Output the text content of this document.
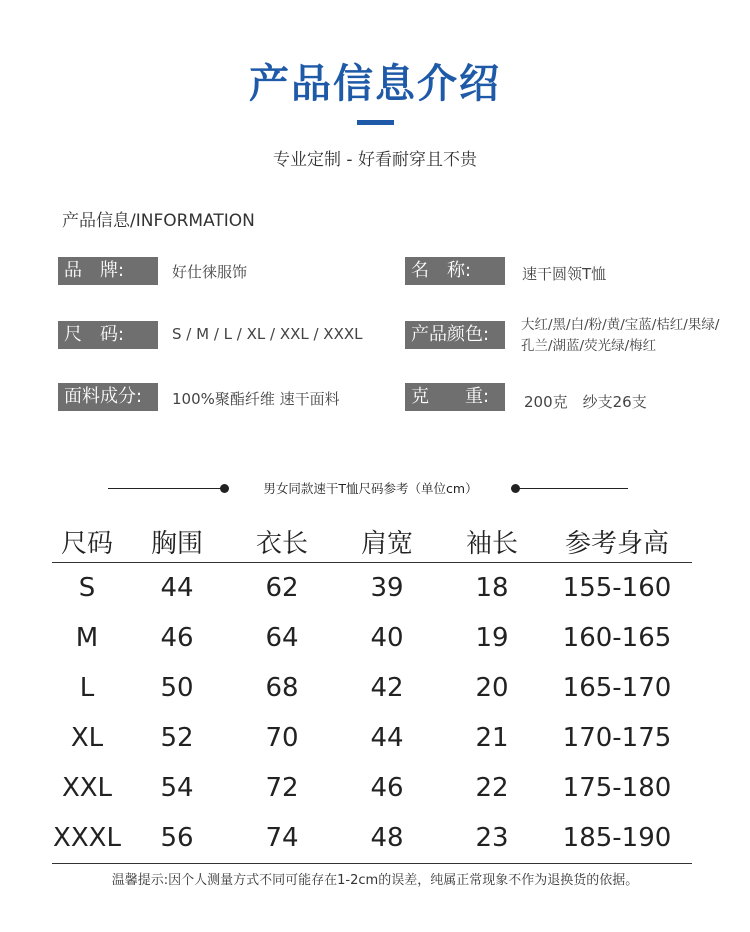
产品信息介绍
专业定制 - 好看耐穿且不贵
产品信息/INFORMATION
品　牌:	好仕徕服饰	名　称:	速干圆领T恤
尺　码:	S / M / L / XL / XXL / XXXL	产品颜色:	大红/黑/白/粉/黄/宝蓝/桔红/果绿/孔兰/湖蓝/荧光绿/梅红
面料成分:	100%聚酯纤维 速干面料	克　　重:	200克　纱支26支
男女同款速干T恤尺码参考（单位cm）
尺码	胸围	衣长	肩宽	袖长	参考身高
S	44	62	39	18	155-160
M	46	64	40	19	160-165
L	50	68	42	20	165-170
XL	52	70	44	21	170-175
XXL	54	72	46	22	175-180
XXXL	56	74	48	23	185-190
温馨提示:因个人测量方式不同可能存在1-2cm的误差，纯属正常现象不作为退换货的依据。
